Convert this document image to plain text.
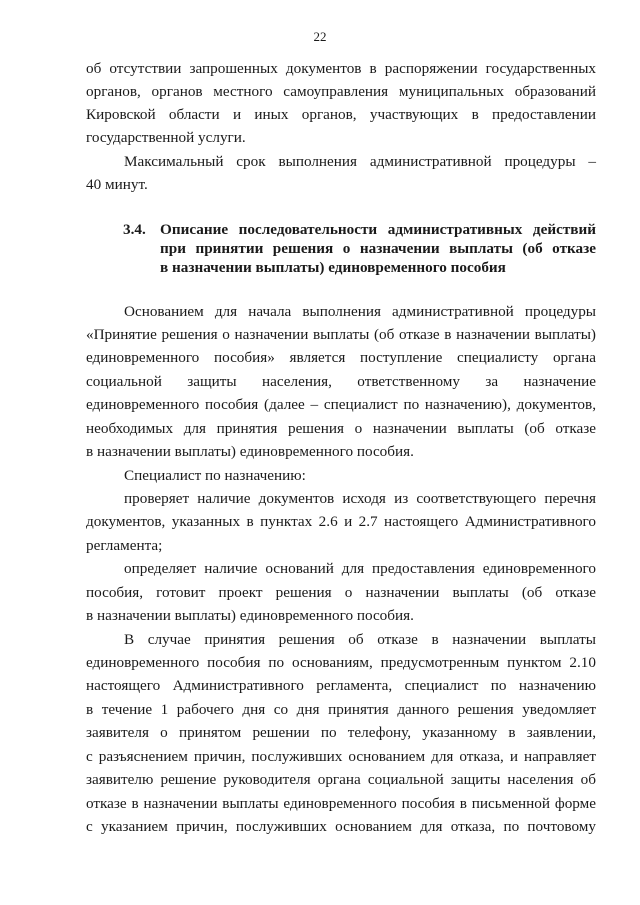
22
об отсутствии запрошенных документов в распоряжении государственных
органов, органов местного самоуправления муниципальных образований
Кировской области и иных органов, участвующих в предоставлении
государственной услуги.
Максимальный срок выполнения административной процедуры –
40 минут.
3.4. Описание последовательности административных действий
при принятии решения о назначении выплаты (об отказе
в назначении выплаты) единовременного пособия
Основанием для начала выполнения административной процедуры
«Принятие решения о назначении выплаты (об отказе в назначении выплаты)
единовременного пособия» является поступление специалисту органа
социальной защиты населения, ответственному за назначение
единовременного пособия (далее – специалист по назначению), документов,
необходимых для принятия решения о назначении выплаты (об отказе
в назначении выплаты) единовременного пособия.
Специалист по назначению:
проверяет наличие документов исходя из соответствующего перечня
документов, указанных в пунктах 2.6 и 2.7 настоящего Административного
регламента;
определяет наличие оснований для предоставления единовременного
пособия, готовит проект решения о назначении выплаты (об отказе
в назначении выплаты) единовременного пособия.
В случае принятия решения об отказе в назначении выплаты
единовременного пособия по основаниям, предусмотренным пунктом 2.10
настоящего Административного регламента, специалист по назначению
в течение 1 рабочего дня со дня принятия данного решения уведомляет
заявителя о принятом решении по телефону, указанному в заявлении,
с разъяснением причин, послуживших основанием для отказа, и направляет
заявителю решение руководителя органа социальной защиты населения об
отказе в назначении выплаты единовременного пособия в письменной форме
с указанием причин, послуживших основанием для отказа, по почтовому
